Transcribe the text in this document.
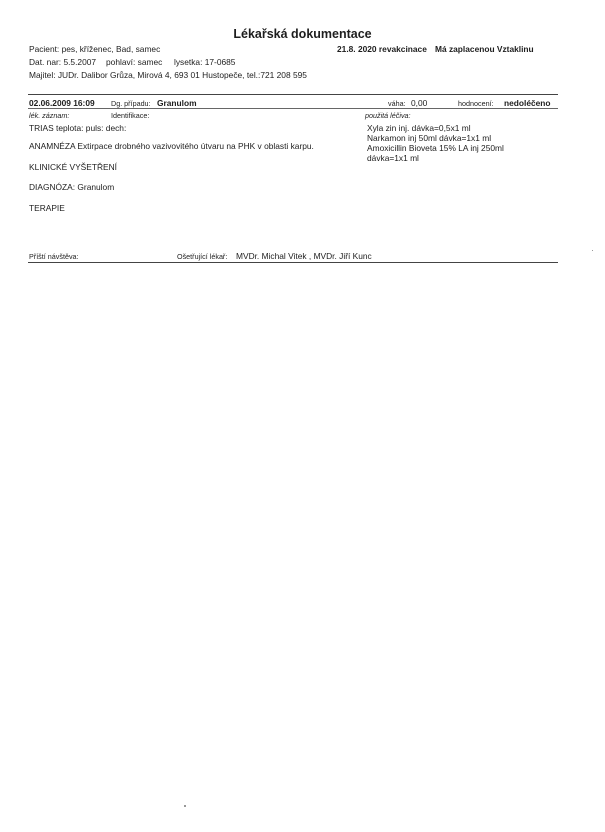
Lékařská dokumentace
Pacient: pes, kříženec, Bad, samec	21.8. 2020 revakcinace Má zaplacenou Vztaklinu
Dat. nar: 5.5.2007 pohlaví: samec lysetka: 17-0685
Majitel: JUDr. Dalibor Grůza, Mirová 4, 693 01 Hustopeče, tel.:721 208 595
02.06.2009 16:09 Dg. případu: Granulom	váha: 0,00	hodnocení: nedoléčeno
lék. záznam:	Identifikace:	použitá léčiva:
TRIAS teplota: puls: dech:	Xyla zin inj. dávka=0,5x1 ml
Narkamon inj 50ml dávka=1x1 ml
Amoxicillin Bioveta 15% LA inj 250ml
dávka=1x1 ml
ANAMNÉZA Extirpace drobného vazivovitého útvaru na PHK v oblasti karpu.
KLINICKÉ VYŠETŘENÍ
DIAGNÓZA: Granulom
TERAPIE
Příští návštěva:	Ošetřující lékař: MVDr. Michal Vitek , MVDr. Jiří Kunc
